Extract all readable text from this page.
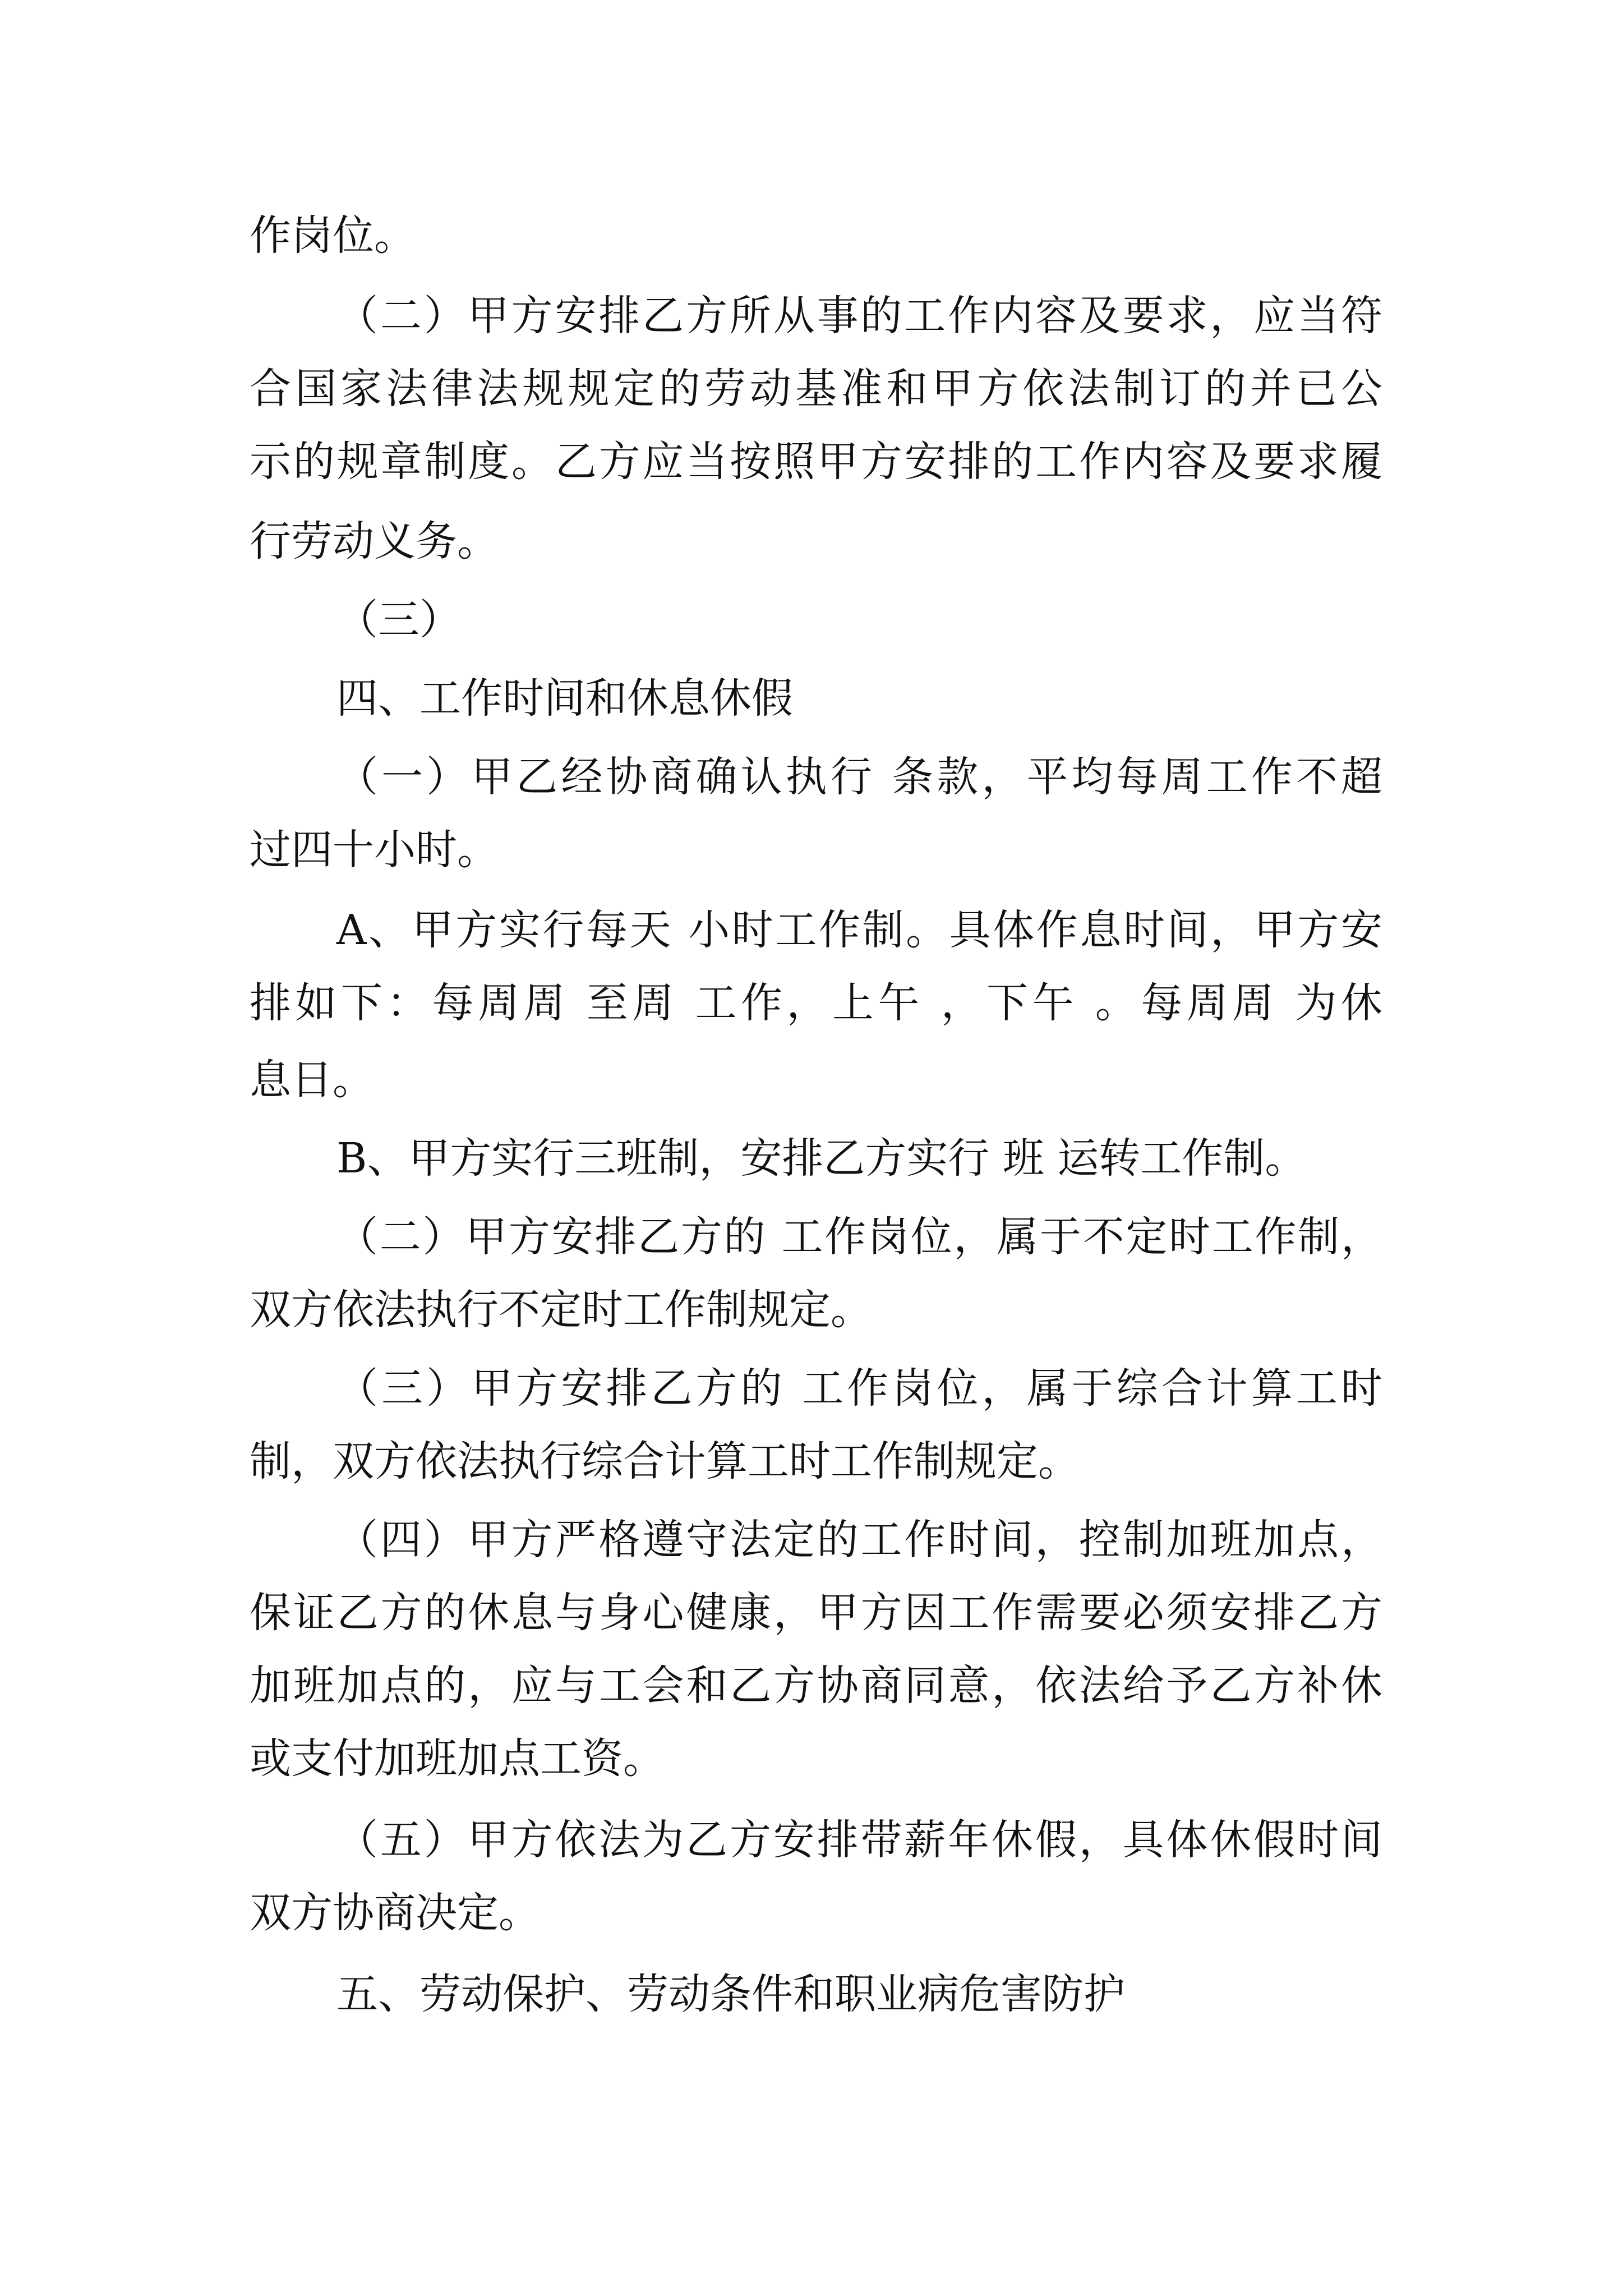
作岗位。
（二）甲方安排乙方所从事的工作内容及要求，应当符
合国家法律法规规定的劳动基准和甲方依法制订的并已公
示的规章制度。乙方应当按照甲方安排的工作内容及要求履
行劳动义务。
（三）
四、工作时间和休息休假
（一）甲乙经协商确认执行 条款，平均每周工作不超
过四十小时。
A、甲方实行每天 小时工作制。具体作息时间，甲方安
排如下：每周周 至周 工作，上午 ，下午 。每周周 为休
息日。
B、甲方实行三班制，安排乙方实行 班 运转工作制。
（二）甲方安排乙方的 工作岗位，属于不定时工作制，
双方依法执行不定时工作制规定。
（三）甲方安排乙方的 工作岗位，属于综合计算工时
制，双方依法执行综合计算工时工作制规定。
（四）甲方严格遵守法定的工作时间，控制加班加点，
保证乙方的休息与身心健康，甲方因工作需要必须安排乙方
加班加点的，应与工会和乙方协商同意，依法给予乙方补休
或支付加班加点工资。
（五）甲方依法为乙方安排带薪年休假，具体休假时间
双方协商决定。
五、劳动保护、劳动条件和职业病危害防护
